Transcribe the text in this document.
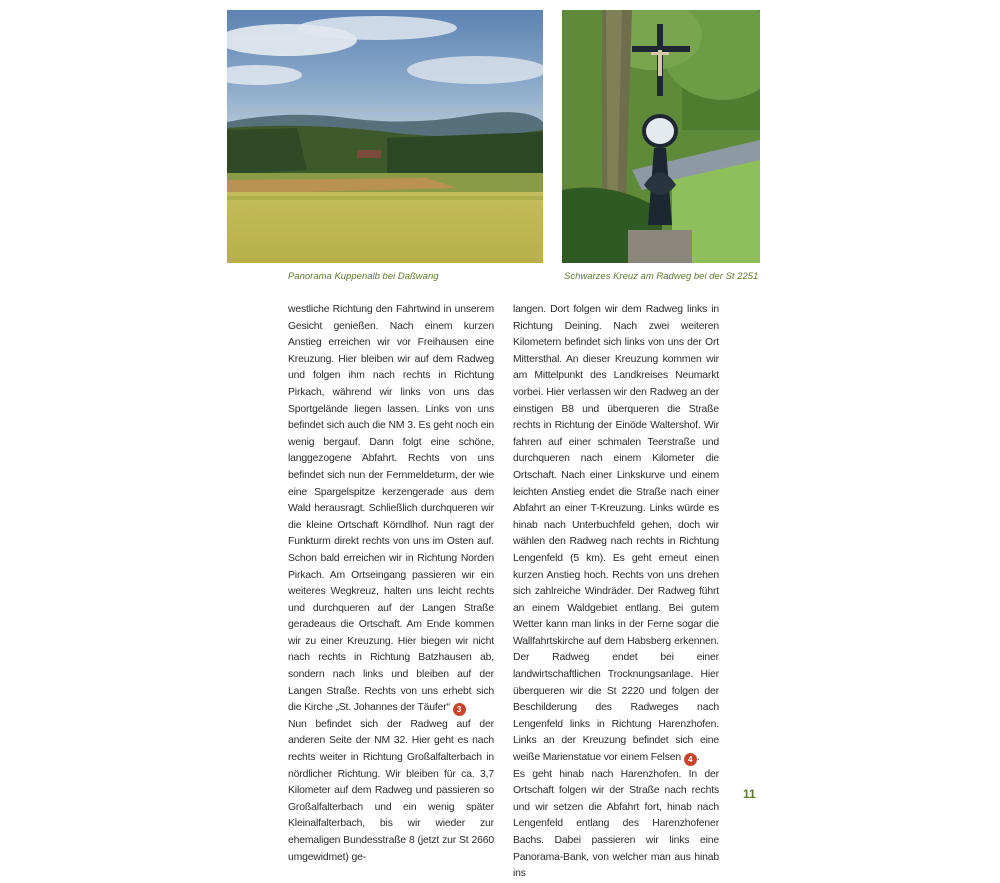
Panorama Kuppenalb bei Daßwang	Schwarzes Kreuz am Radweg bei der St 2251

westliche Richtung den Fahrtwind in unserem Gesicht genießen. Nach einem kurzen Anstieg erreichen wir vor Freihausen eine Kreuzung. Hier bleiben wir auf dem Radweg und folgen ihm nach rechts in Richtung Pirkach, während wir links von uns das Sportgelände liegen lassen. Links von uns befindet sich auch die NM 3. Es geht noch ein wenig bergauf. Dann folgt eine schöne, langgezogene Abfahrt. Rechts von uns befindet sich nun der Fernmeldeturm, der wie eine Spargelspitze kerzengerade aus dem Wald herausragt. Schließlich durchqueren wir die kleine Ortschaft Körndlhof. Nun ragt der Funkturm direkt rechts von uns im Osten auf. Schon bald erreichen wir in Richtung Norden Pirkach. Am Ortseingang passieren wir ein weiteres Wegkreuz, halten uns leicht rechts und durchqueren auf der Langen Straße geradeaus die Ortschaft. Am Ende kommen wir zu einer Kreuzung. Hier biegen wir nicht nach rechts in Richtung Batzhausen ab, sondern nach links und bleiben auf der Langen Straße. Rechts von uns erhebt sich die Kirche „St. Johannes der Täufer“ 3

Nun befindet sich der Radweg auf der anderen Seite der NM 32. Hier geht es nach rechts weiter in Richtung Großalfalterbach in nördlicher Richtung. Wir bleiben für ca. 3,7 Kilometer auf dem Radweg und passieren so Großalfalterbach und ein wenig später Kleinalfalterbach, bis wir wieder zur ehemaligen Bundesstraße 8 (jetzt zur St 2660 umgewidmet) ge-

langen. Dort folgen wir dem Radweg links in Richtung Deining. Nach zwei weiteren Kilometern befindet sich links von uns der Ort Mittersthal. An dieser Kreuzung kommen wir am Mittelpunkt des Landkreises Neumarkt vorbei. Hier verlassen wir den Radweg an der einstigen B8 und überqueren die Straße rechts in Richtung der Einöde Waltershof. Wir fahren auf einer schmalen Teerstraße und durchqueren nach einem Kilometer die Ortschaft. Nach einer Linkskurve und einem leichten Anstieg endet die Straße nach einer Abfahrt an einer T-Kreuzung. Links würde es hinab nach Unterbuchfeld gehen, doch wir wählen den Radweg nach rechts in Richtung Lengenfeld (5 km). Es geht erneut einen kurzen Anstieg hoch. Rechts von uns drehen sich zahlreiche Windräder. Der Radweg führt an einem Waldgebiet entlang. Bei gutem Wetter kann man links in der Ferne sogar die Wallfahrtskirche auf dem Habsberg erkennen. Der Radweg endet bei einer landwirtschaftlichen Trocknungsanlage. Hier überqueren wir die St 2220 und folgen der Beschilderung des Radweges nach Lengenfeld links in Richtung Harenzhofen. Links an der Kreuzung befindet sich eine weiße Marienstatue vor einem Felsen 4 .

Es geht hinab nach Harenzhofen. In der Ortschaft folgen wir der Straße nach rechts und wir setzen die Abfahrt fort, hinab nach Lengenfeld entlang des Harenzhofener Bachs. Dabei passieren wir links eine Panorama-Bank, von welcher man aus hinab ins

11
